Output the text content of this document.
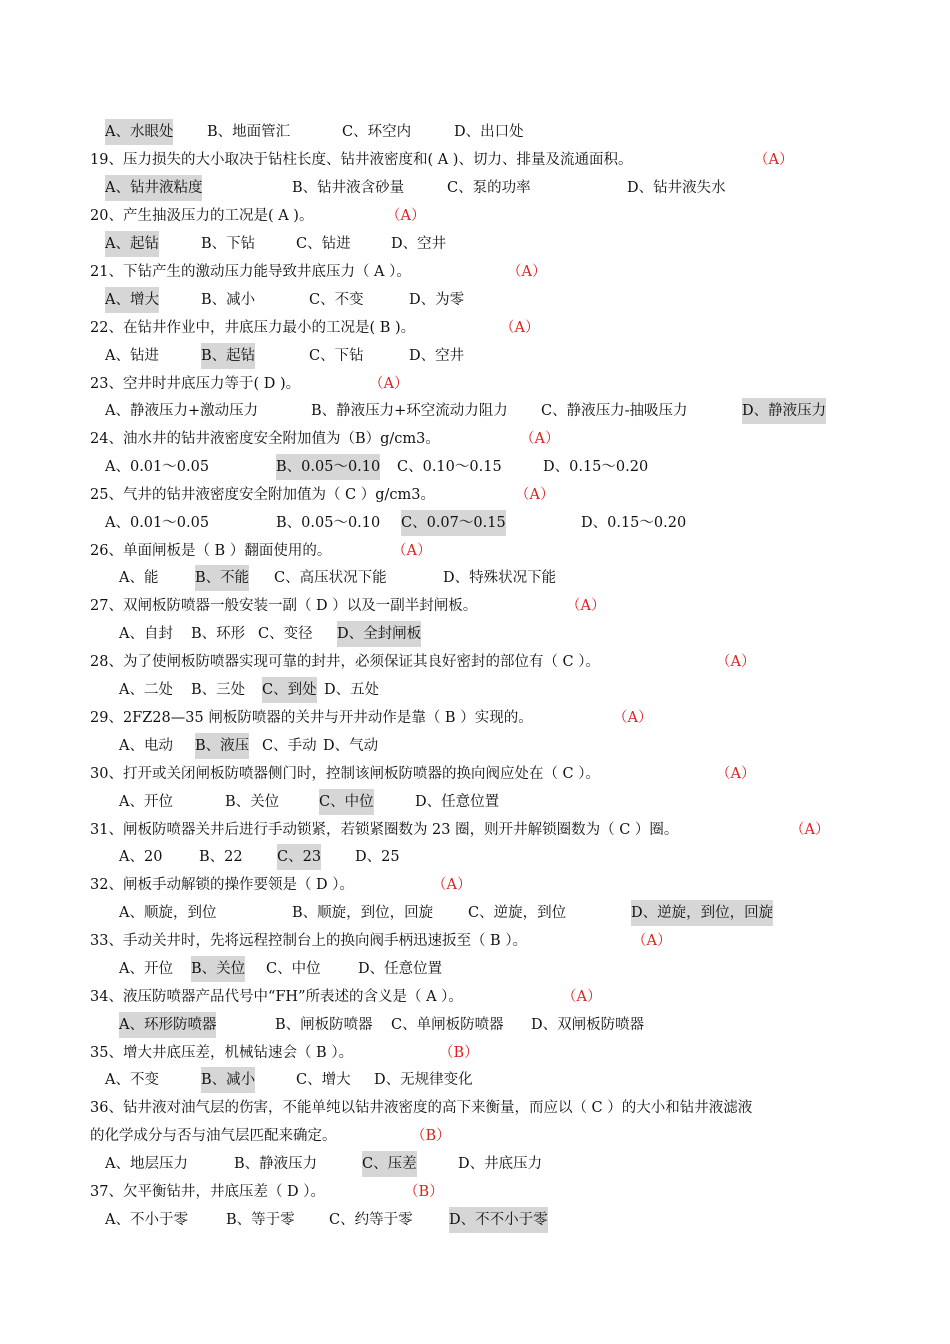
A、水眼处 B、地面管汇	C、环空内	D、出口处
19、压力损失的大小取决于钻柱长度、钻井液密度和( A )、切力、排量及流通面积。	（A）
A、钻井液粘度	B、钻井液含砂量	C、泵的功率	D、钻井液失水
20、产生抽汲压力的工况是( A )。	（A）
A、起钻	B、下钻	C、钻进	D、空井
21、下钻产生的激动压力能导致井底压力（ A ）。	（A）
A、增大	B、减小	C、不变	D、为零
22、在钻井作业中，井底压力最小的工况是( B )。	（A）
A、钻进	B、起钻	C、下钻	D、空井
23、空井时井底压力等于( D )。	（A）
A、静液压力+激动压力	B、静液压力+环空流动力阻力 C、静液压力-抽吸压力	D、静液压力
24、油水井的钻井液密度安全附加值为（B）g/cm3。	（A）
A、0.01～0.05	B、0.05～0.10 C、0.10～0.15	D、0.15～0.20
25、气井的钻井液密度安全附加值为（ C ）g/cm3。	（A）
A、0.01～0.05	B、0.05～0.10 C、0.07～0.15	D、0.15～0.20
26、单面闸板是（ B ）翻面使用的。	（A）
A、能	B、不能 C、高压状况下能	D、特殊状况下能
27、双闸板防喷器一般安装一副（ D ）以及一副半封闸板。	（A）
A、自封 B、环形 C、变径 D、全封闸板
28、为了使闸板防喷器实现可靠的封井，必须保证其良好密封的部位有（ C ）。	（A）
A、二处 B、三处 C、到处 D、五处
29、2FZ28—35 闸板防喷器的关井与开井动作是靠（ B ）实现的。	（A）
A、电动 B、液压 C、手动 D、气动
30、打开或关闭闸板防喷器侧门时，控制该闸板防喷器的换向阀应处在（ C ）。	（A）
A、开位	B、关位	C、中位	D、任意位置
31、闸板防喷器关井后进行手动锁紧，若锁紧圈数为 23 圈，则开井解锁圈数为（ C ）圈。	（A）
A、20	B、22 C、23 D、25
32、闸板手动解锁的操作要领是（ D ）。	（A）
A、顺旋，到位	B、顺旋，到位，回旋 C、逆旋，到位	D、逆旋，到位，回旋
33、手动关井时，先将远程控制台上的换向阀手柄迅速扳至（ B ）。	（A）
A、开位 B、关位 C、中位	D、任意位置
34、液压防喷器产品代号中“FH”所表述的含义是（ A ）。	（A）
A、环形防喷器	B、闸板防喷器 C、单闸板防喷器 D、双闸板防喷器
35、增大井底压差，机械钻速会（ B ）。	（B）
A、不变	B、减小	C、增大 D、无规律变化
36、钻井液对油气层的伤害，不能单纯以钻井液密度的高下来衡量，而应以（ C ）的大小和钻井液滤液
的化学成分与否与油气层匹配来确定。	（B）
A、地层压力	B、静液压力	C、压差	D、井底压力
37、欠平衡钻井，井底压差（ D ）。	（B）
A、不小于零	B、等于零 C、约等于零	D、不不小于零
